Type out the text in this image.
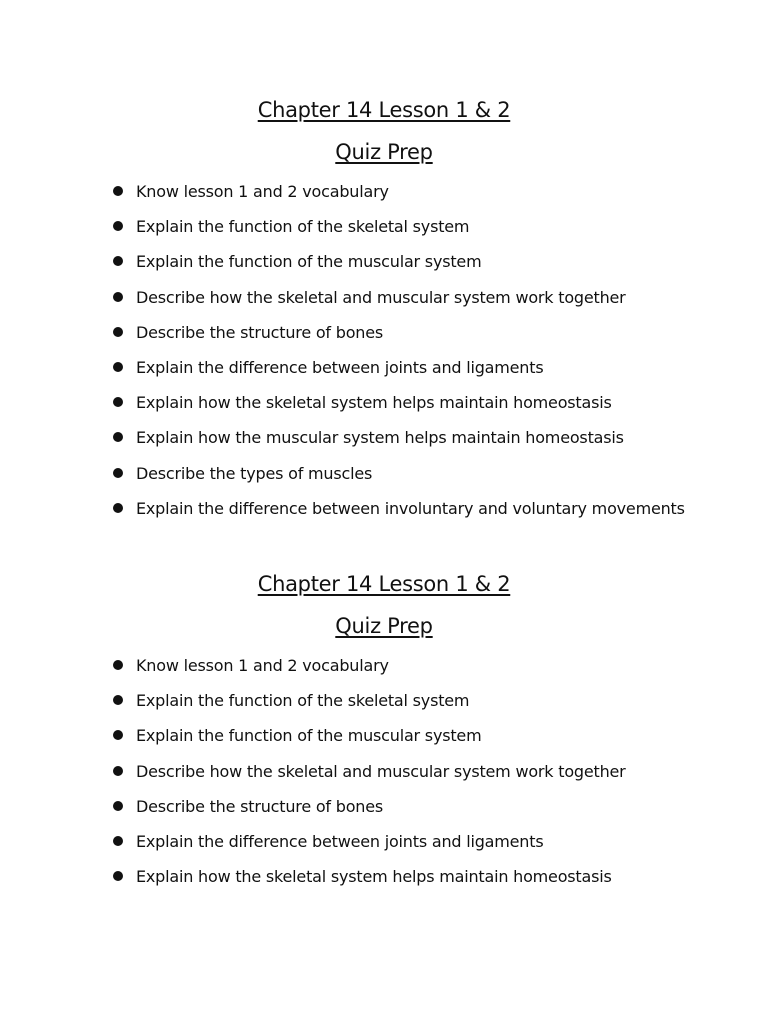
Chapter 14 Lesson 1 & 2
Quiz Prep
Know lesson 1 and 2 vocabulary
Explain the function of the skeletal system
Explain the function of the muscular system
Describe how the skeletal and muscular system work together
Describe the structure of bones
Explain the difference between joints and ligaments
Explain how the skeletal system helps maintain homeostasis
Explain how the muscular system helps maintain homeostasis
Describe the types of muscles
Explain the difference between involuntary and voluntary movements
Chapter 14 Lesson 1 & 2
Quiz Prep
Know lesson 1 and 2 vocabulary
Explain the function of the skeletal system
Explain the function of the muscular system
Describe how the skeletal and muscular system work together
Describe the structure of bones
Explain the difference between joints and ligaments
Explain how the skeletal system helps maintain homeostasis
